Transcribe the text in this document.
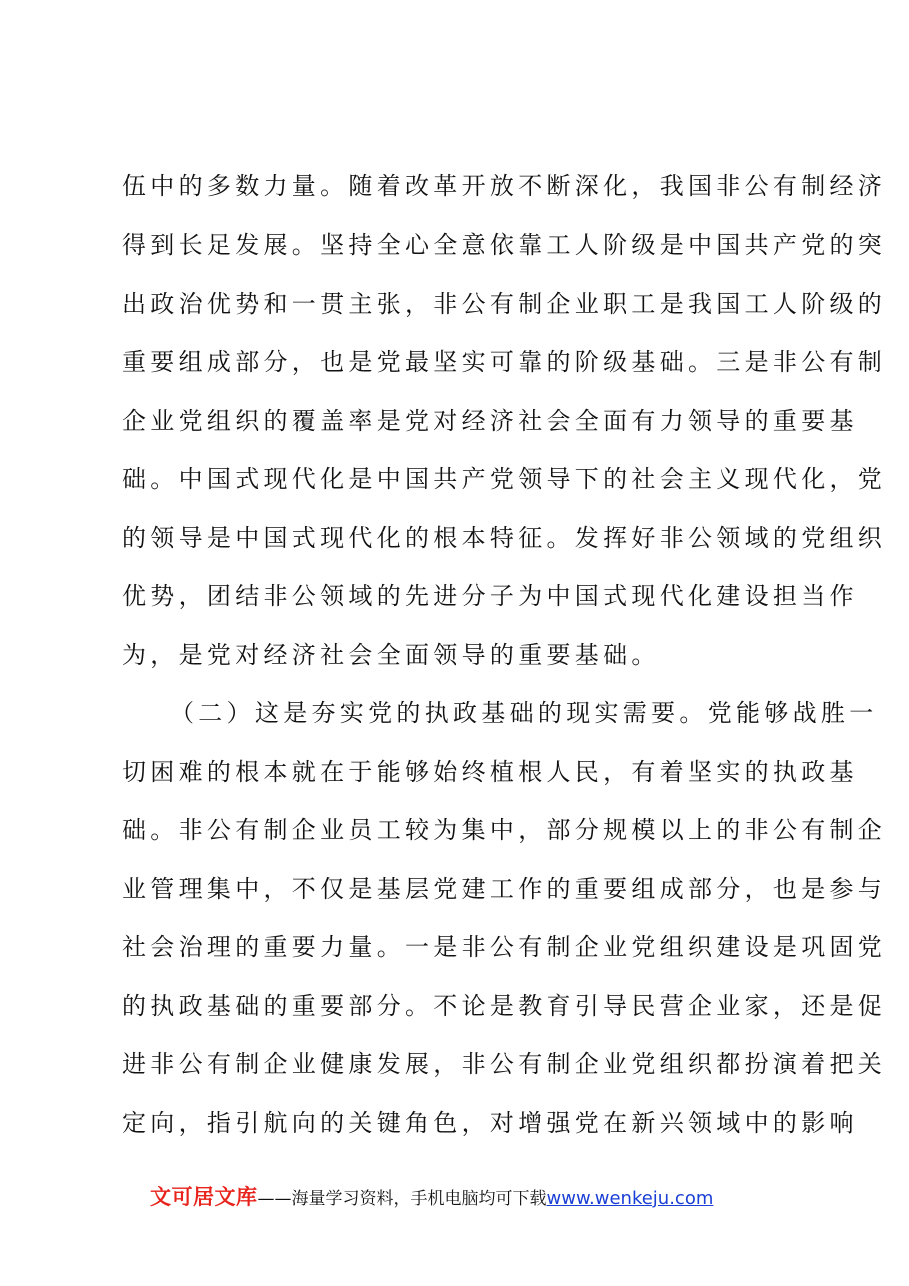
伍中的多数力量。随着改革开放不断深化，我国非公有制经济
得到长足发展。坚持全心全意依靠工人阶级是中国共产党的突
出政治优势和一贯主张，非公有制企业职工是我国工人阶级的
重要组成部分，也是党最坚实可靠的阶级基础。三是非公有制
企业党组织的覆盖率是党对经济社会全面有力领导的重要基
础。中国式现代化是中国共产党领导下的社会主义现代化，党
的领导是中国式现代化的根本特征。发挥好非公领域的党组织
优势，团结非公领域的先进分子为中国式现代化建设担当作
为，是党对经济社会全面领导的重要基础。
（二）这是夯实党的执政基础的现实需要。党能够战胜一
切困难的根本就在于能够始终植根人民，有着坚实的执政基
础。非公有制企业员工较为集中，部分规模以上的非公有制企
业管理集中，不仅是基层党建工作的重要组成部分，也是参与
社会治理的重要力量。一是非公有制企业党组织建设是巩固党
的执政基础的重要部分。不论是教育引导民营企业家，还是促
进非公有制企业健康发展，非公有制企业党组织都扮演着把关
定向，指引航向的关键角色，对增强党在新兴领域中的影响
文可居文库——海量学习资料，手机电脑均可下载www.wenkeju.com
